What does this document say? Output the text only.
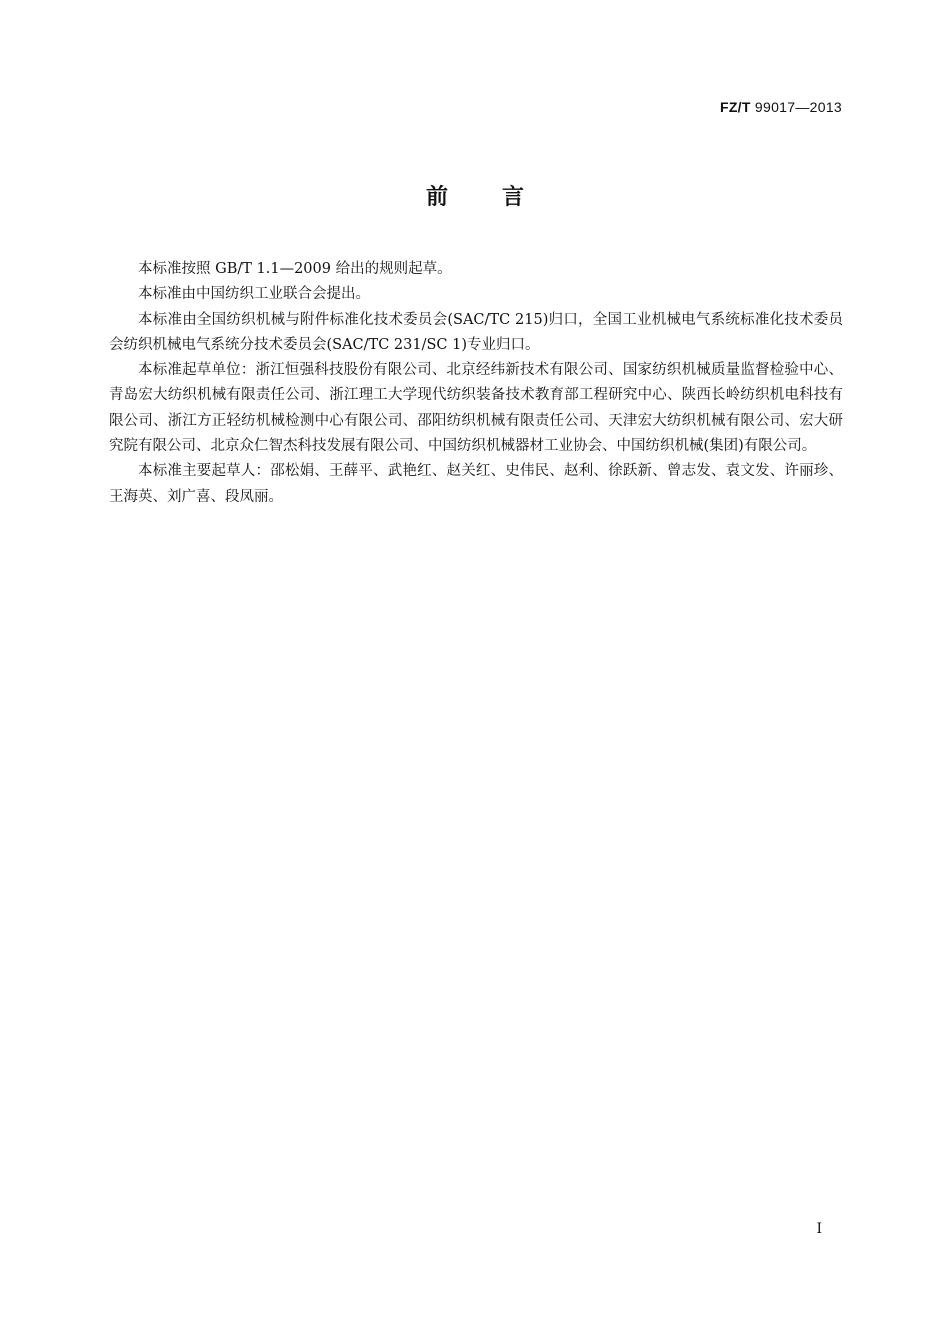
FZ/T 99017—2013
前 言

本标准按照 GB/T 1.1—2009 给出的规则起草。

本标准由中国纺织工业联合会提出。

本标准由全国纺织机械与附件标准化技术委员会(SAC/TC 215)归口，全国工业机械电气系统标准化技术委员会纺织机械电气系统分技术委员会(SAC/TC 231/SC 1)专业归口。

本标准起草单位：浙江恒强科技股份有限公司、北京经纬新技术有限公司、国家纺织机械质量监督检验中心、青岛宏大纺织机械有限责任公司、浙江理工大学现代纺织装备技术教育部工程研究中心、陕西长岭纺织机电科技有限公司、浙江方正轻纺机械检测中心有限公司、邵阳纺织机械有限责任公司、天津宏大纺织机械有限公司、宏大研究院有限公司、北京众仁智杰科技发展有限公司、中国纺织机械器材工业协会、中国纺织机械(集团)有限公司。

本标准主要起草人：邵松娟、王薛平、武艳红、赵关红、史伟民、赵利、徐跃新、曾志发、袁文发、许丽珍、王海英、刘广喜、段凤丽。

I
